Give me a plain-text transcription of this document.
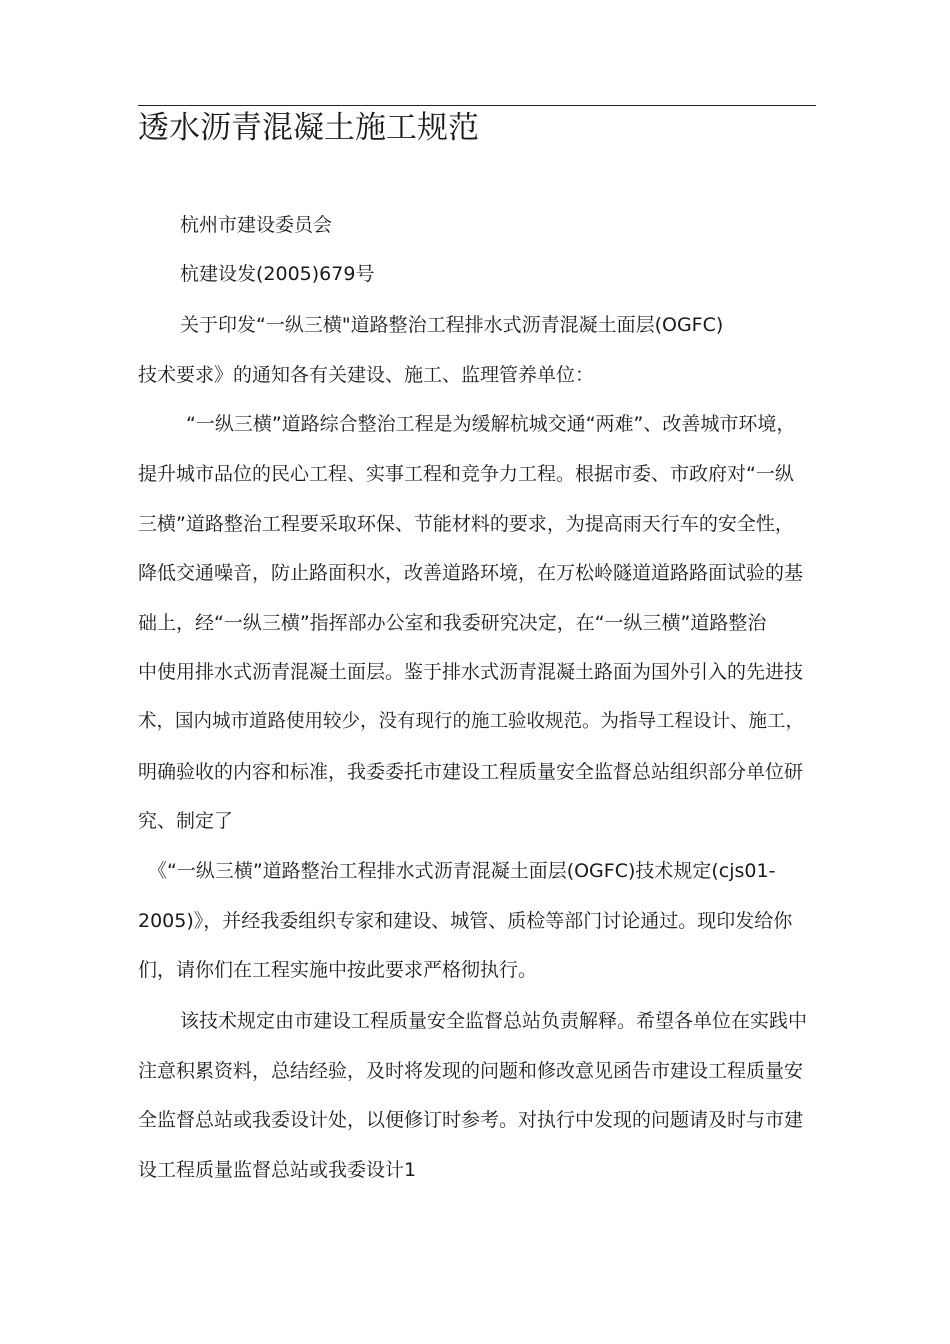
透水沥青混凝土施工规范
杭州市建设委员会
杭建设发(2005)679号
关于印发“一纵三横"道路整治工程排水式沥青混凝土面层(OGFC)
技术要求》的通知各有关建设、施工、监理管养单位：
“一纵三横”道路综合整治工程是为缓解杭城交通“两难”、改善城市环境，
提升城市品位的民心工程、实事工程和竞争力工程。根据市委、市政府对“一纵
三横”道路整治工程要采取环保、节能材料的要求，为提高雨天行车的安全性，
降低交通噪音，防止路面积水，改善道路环境，在万松岭隧道道路路面试验的基
础上，经“一纵三横”指挥部办公室和我委研究决定，在“一纵三横”道路整治
中使用排水式沥青混凝土面层。鉴于排水式沥青混凝土路面为国外引入的先进技
术，国内城市道路使用较少，没有现行的施工验收规范。为指导工程设计、施工，
明确验收的内容和标准，我委委托市建设工程质量安全监督总站组织部分单位研
究、制定了
《“一纵三横”道路整治工程排水式沥青混凝土面层(OGFC)技术规定(cjs01-
2005)》，并经我委组织专家和建设、城管、质检等部门讨论通过。现印发给你
们，请你们在工程实施中按此要求严格彻执行。
该技术规定由市建设工程质量安全监督总站负责解释。希望各单位在实践中
注意积累资料，总结经验，及时将发现的问题和修改意见函告市建设工程质量安
全监督总站或我委设计处，以便修订时参考。对执行中发现的问题请及时与市建
设工程质量监督总站或我委设计1
